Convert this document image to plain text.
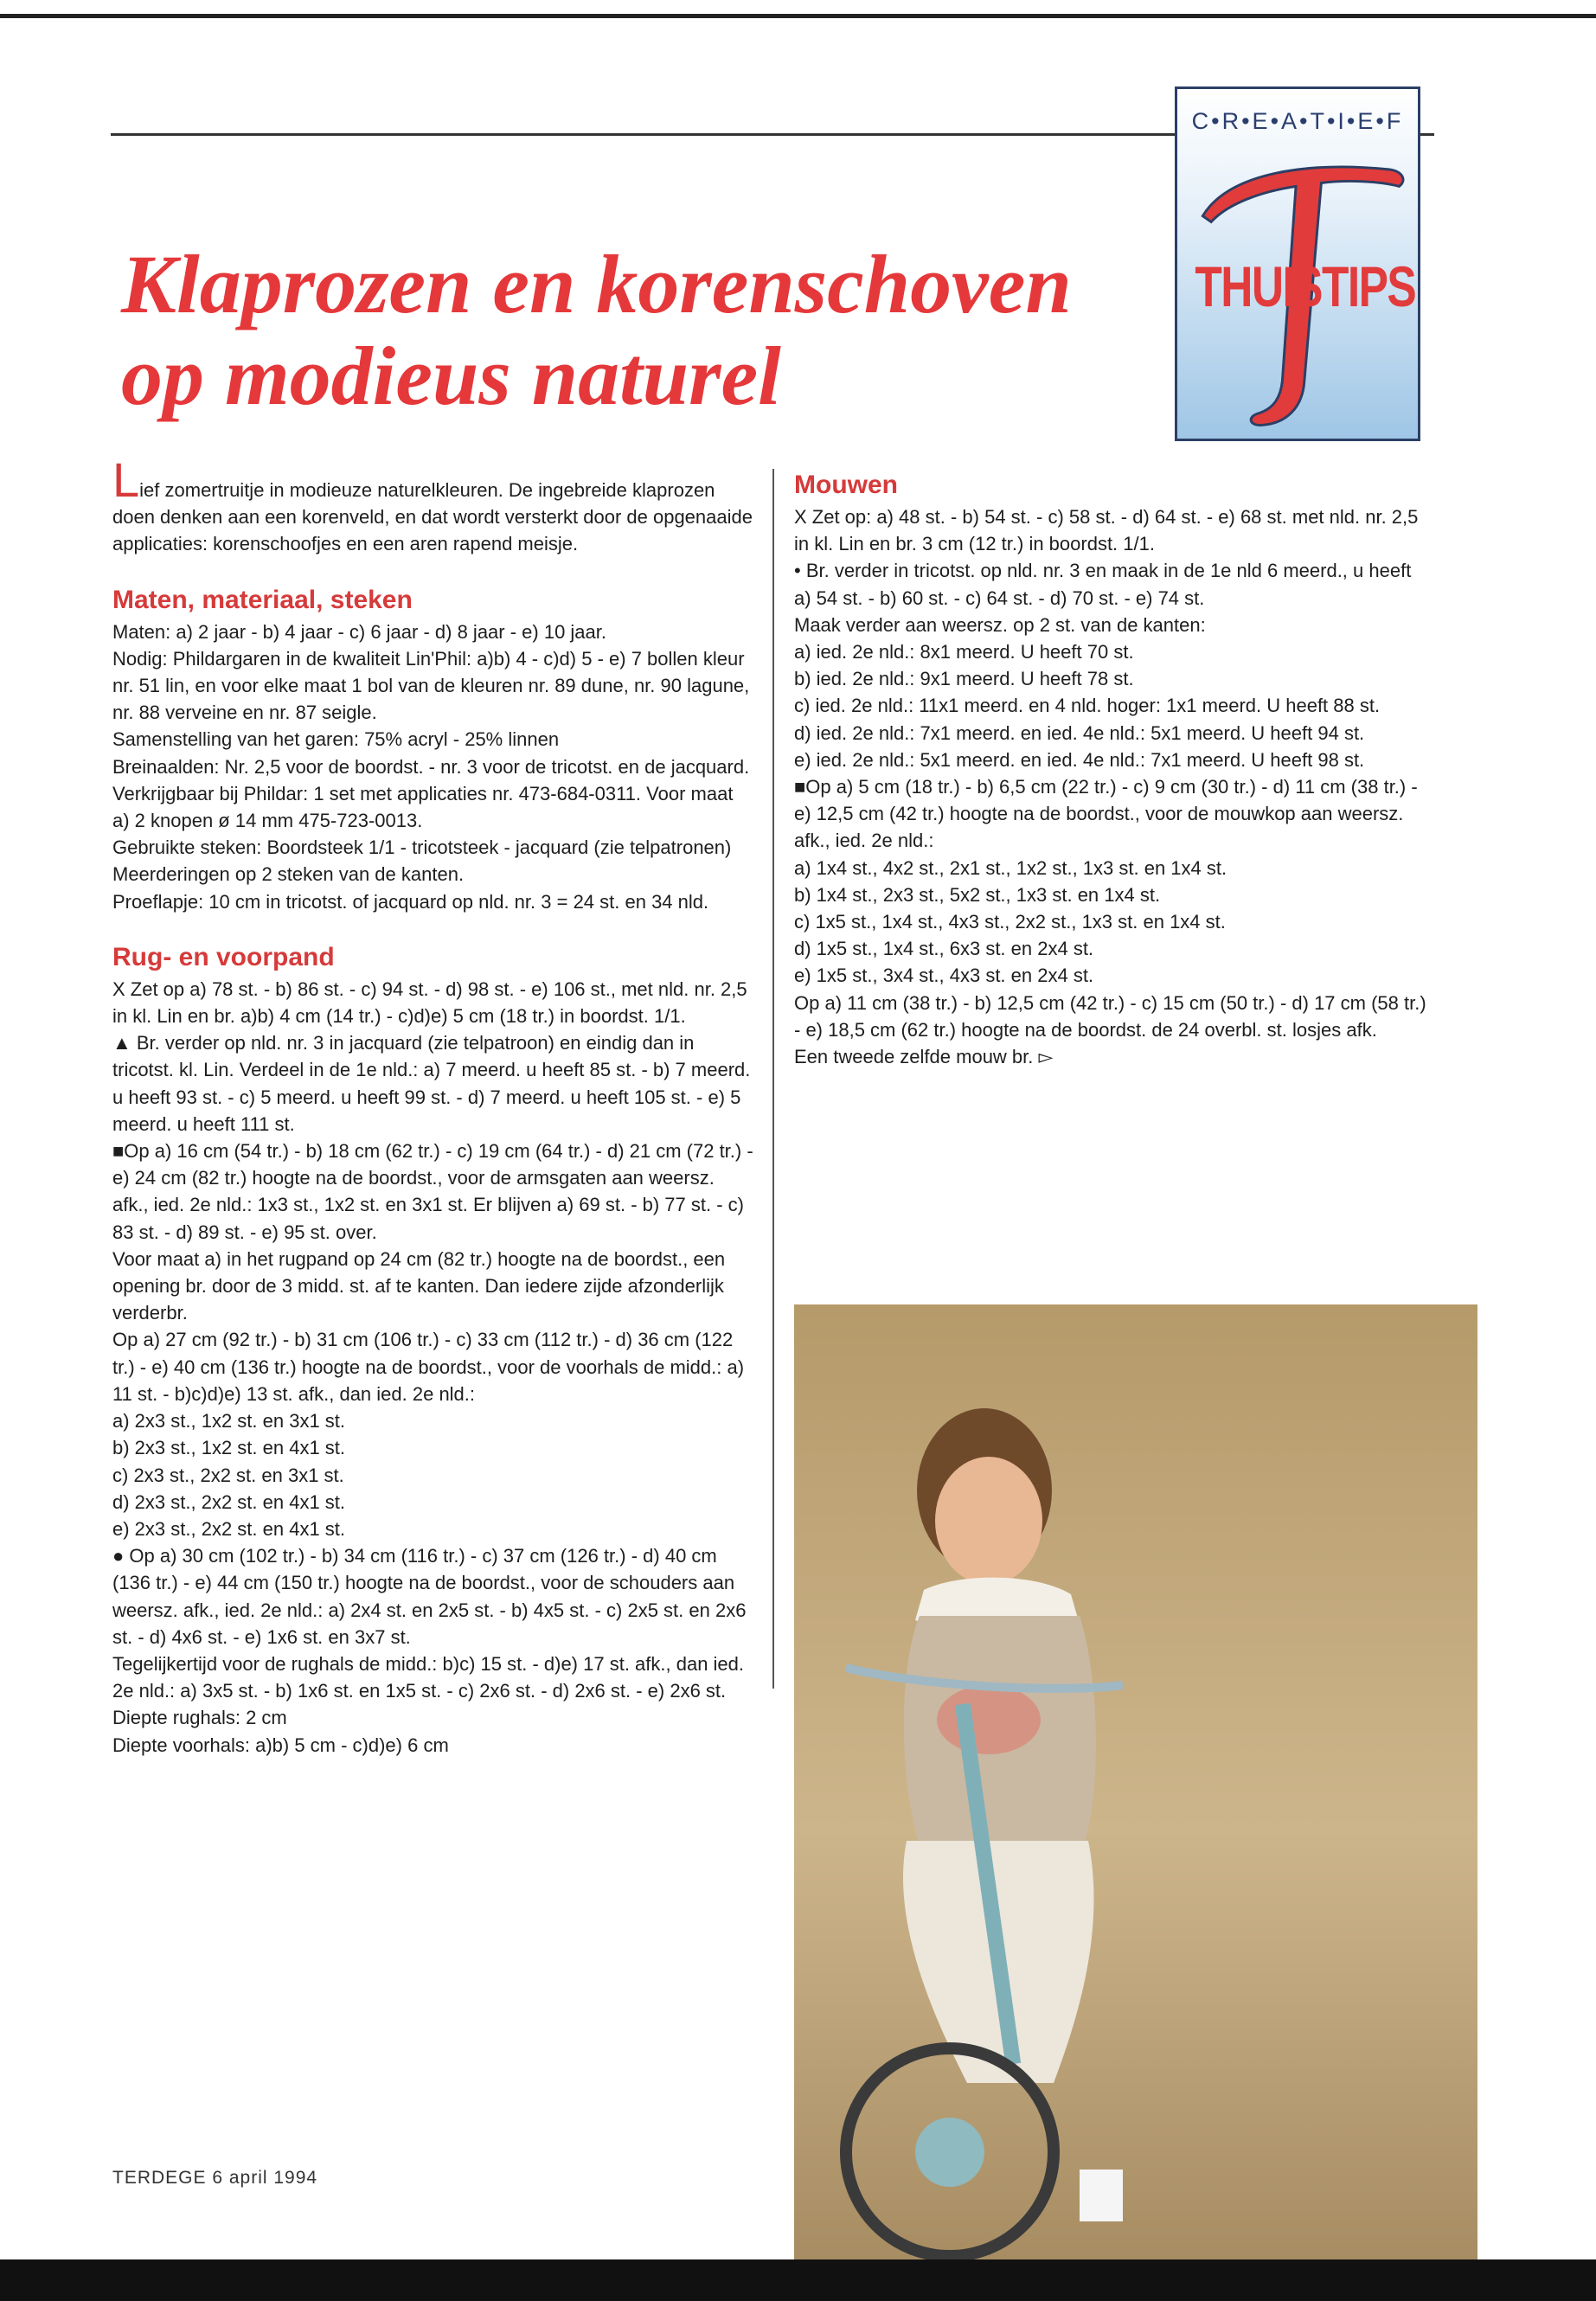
C•R•E•A•T•I•E•F
THUISTIPS
Klaprozen en korenschoven
op modieus naturel

Lief zomertruitje in modieuze naturelkleuren. De ingebreide klaprozen doen denken aan een korenveld, en dat wordt versterkt door de opgenaaide applicaties: korenschoofjes en een aren rapend meisje.

Maten, materiaal, steken

Maten: a) 2 jaar - b) 4 jaar - c) 6 jaar - d) 8 jaar - e) 10 jaar.

Nodig: Phildargaren in de kwaliteit Lin'Phil: a)b) 4 - c)d) 5 - e) 7 bollen kleur nr. 51 lin, en voor elke maat 1 bol van de kleuren nr. 89 dune, nr. 90 lagune, nr. 88 verveine en nr. 87 seigle.

Samenstelling van het garen: 75% acryl - 25% linnen

Breinaalden: Nr. 2,5 voor de boordst. - nr. 3 voor de tricotst. en de jacquard.

Verkrijgbaar bij Phildar: 1 set met applicaties nr. 473-684-0311. Voor maat a) 2 knopen ø 14 mm 475-723-0013.

Gebruikte steken: Boordsteek 1/1 - tricotsteek - jacquard (zie telpatronen) Meerderingen op 2 steken van de kanten.

Proeflapje: 10 cm in tricotst. of jacquard op nld. nr. 3 = 24 st. en 34 nld.

Rug- en voorpand

X Zet op a) 78 st. - b) 86 st. - c) 94 st. - d) 98 st. - e) 106 st., met nld. nr. 2,5 in kl. Lin en br. a)b) 4 cm (14 tr.) - c)d)e) 5 cm (18 tr.) in boordst. 1/1.

▲ Br. verder op nld. nr. 3 in jacquard (zie telpatroon) en eindig dan in tricotst. kl. Lin. Verdeel in de 1e nld.: a) 7 meerd. u heeft 85 st. - b) 7 meerd. u heeft 93 st. - c) 5 meerd. u heeft 99 st. - d) 7 meerd. u heeft 105 st. - e) 5 meerd. u heeft 111 st.

■Op a) 16 cm (54 tr.) - b) 18 cm (62 tr.) - c) 19 cm (64 tr.) - d) 21 cm (72 tr.) - e) 24 cm (82 tr.) hoogte na de boordst., voor de armsgaten aan weersz. afk., ied. 2e nld.: 1x3 st., 1x2 st. en 3x1 st. Er blijven a) 69 st. - b) 77 st. - c) 83 st. - d) 89 st. - e) 95 st. over.

Voor maat a) in het rugpand op 24 cm (82 tr.) hoogte na de boordst., een opening br. door de 3 midd. st. af te kanten. Dan iedere zijde afzonderlijk verderbr.

Op a) 27 cm (92 tr.) - b) 31 cm (106 tr.) - c) 33 cm (112 tr.) - d) 36 cm (122 tr.) - e) 40 cm (136 tr.) hoogte na de boordst., voor de voorhals de midd.: a) 11 st. - b)c)d)e) 13 st. afk., dan ied. 2e nld.:

a) 2x3 st., 1x2 st. en 3x1 st.

b) 2x3 st., 1x2 st. en 4x1 st.

c) 2x3 st., 2x2 st. en 3x1 st.

d) 2x3 st., 2x2 st. en 4x1 st.

e) 2x3 st., 2x2 st. en 4x1 st.

● Op a) 30 cm (102 tr.) - b) 34 cm (116 tr.) - c) 37 cm (126 tr.) - d) 40 cm (136 tr.) - e) 44 cm (150 tr.) hoogte na de boordst., voor de schouders aan weersz. afk., ied. 2e nld.: a) 2x4 st. en 2x5 st. - b) 4x5 st. - c) 2x5 st. en 2x6 st. - d) 4x6 st. - e) 1x6 st. en 3x7 st.

Tegelijkertijd voor de rughals de midd.: b)c) 15 st. - d)e) 17 st. afk., dan ied. 2e nld.: a) 3x5 st. - b) 1x6 st. en 1x5 st. - c) 2x6 st. - d) 2x6 st. - e) 2x6 st.

Diepte rughals: 2 cm

Diepte voorhals: a)b) 5 cm - c)d)e) 6 cm

Mouwen

X Zet op: a) 48 st. - b) 54 st. - c) 58 st. - d) 64 st. - e) 68 st. met nld. nr. 2,5 in kl. Lin en br. 3 cm (12 tr.) in boordst. 1/1.

• Br. verder in tricotst. op nld. nr. 3 en maak in de 1e nld 6 meerd., u heeft a) 54 st. - b) 60 st. - c) 64 st. - d) 70 st. - e) 74 st.

Maak verder aan weersz. op 2 st. van de kanten:

a) ied. 2e nld.: 8x1 meerd. U heeft 70 st.

b) ied. 2e nld.: 9x1 meerd. U heeft 78 st.

c) ied. 2e nld.: 11x1 meerd. en 4 nld. hoger: 1x1 meerd. U heeft 88 st.

d) ied. 2e nld.: 7x1 meerd. en ied. 4e nld.: 5x1 meerd. U heeft 94 st.

e) ied. 2e nld.: 5x1 meerd. en ied. 4e nld.: 7x1 meerd. U heeft 98 st.

■Op a) 5 cm (18 tr.) - b) 6,5 cm (22 tr.) - c) 9 cm (30 tr.) - d) 11 cm (38 tr.) - e) 12,5 cm (42 tr.) hoogte na de boordst., voor de mouwkop aan weersz. afk., ied. 2e nld.:

a) 1x4 st., 4x2 st., 2x1 st., 1x2 st., 1x3 st. en 1x4 st.

b) 1x4 st., 2x3 st., 5x2 st., 1x3 st. en 1x4 st.

c) 1x5 st., 1x4 st., 4x3 st., 2x2 st., 1x3 st. en 1x4 st.

d) 1x5 st., 1x4 st., 6x3 st. en 2x4 st.

e) 1x5 st., 3x4 st., 4x3 st. en 2x4 st.

Op a) 11 cm (38 tr.) - b) 12,5 cm (42 tr.) - c) 15 cm (50 tr.) - d) 17 cm (58 tr.) - e) 18,5 cm (62 tr.) hoogte na de boordst. de 24 overbl. st. losjes afk.

Een tweede zelfde mouw br. ▻

TERDEGE 6 april 1994
